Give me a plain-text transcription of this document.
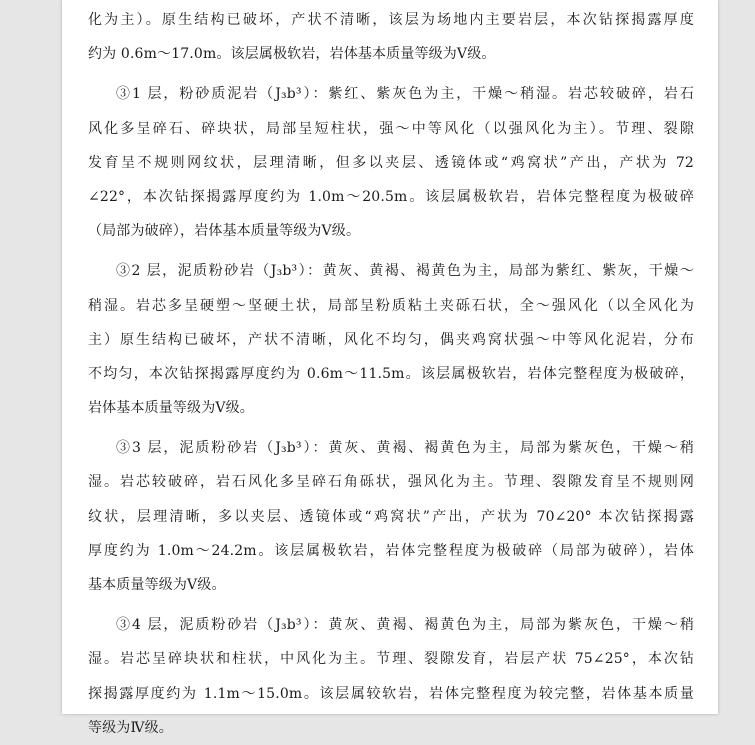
化为主）。原生结构已破坏，产状不清晰，该层为场地内主要岩层，本次钻探揭露厚度
约为 0.6m～17.0m。该层属极软岩，岩体基本质量等级为Ⅴ级。
③1 层，粉砂质泥岩（J₃b³）：紫红、紫灰色为主，干燥～稍湿。岩芯较破碎，岩石
风化多呈碎石、碎块状，局部呈短柱状，强～中等风化（以强风化为主）。节理、裂隙
发育呈不规则网纹状，层理清晰，但多以夹层、透镜体或“鸡窝状”产出，产状为 72
∠22°，本次钻探揭露厚度约为 1.0m～20.5m。该层属极软岩，岩体完整程度为极破碎
（局部为破碎），岩体基本质量等级为Ⅴ级。
③2 层，泥质粉砂岩（J₃b³）：黄灰、黄褐、褐黄色为主，局部为紫红、紫灰，干燥～
稍湿。岩芯多呈硬塑～坚硬土状，局部呈粉质粘土夹砾石状，全～强风化（以全风化为
主）原生结构已破坏，产状不清晰，风化不均匀，偶夹鸡窝状强～中等风化泥岩，分布
不均匀，本次钻探揭露厚度约为 0.6m～11.5m。该层属极软岩，岩体完整程度为极破碎，
岩体基本质量等级为Ⅴ级。
③3 层，泥质粉砂岩（J₃b³）：黄灰、黄褐、褐黄色为主，局部为紫灰色，干燥～稍
湿。岩芯较破碎，岩石风化多呈碎石角砾状，强风化为主。节理、裂隙发育呈不规则网
纹状，层理清晰，多以夹层、透镜体或“鸡窝状”产出，产状为 70∠20° 本次钻探揭露
厚度约为 1.0m～24.2m。该层属极软岩，岩体完整程度为极破碎（局部为破碎），岩体
基本质量等级为Ⅴ级。
③4 层，泥质粉砂岩（J₃b³）：黄灰、黄褐、褐黄色为主，局部为紫灰色，干燥～稍
湿。岩芯呈碎块状和柱状，中风化为主。节理、裂隙发育，岩层产状 75∠25°，本次钻
探揭露厚度约为 1.1m～15.0m。该层属较软岩，岩体完整程度为较完整，岩体基本质量
等级为Ⅳ级。
